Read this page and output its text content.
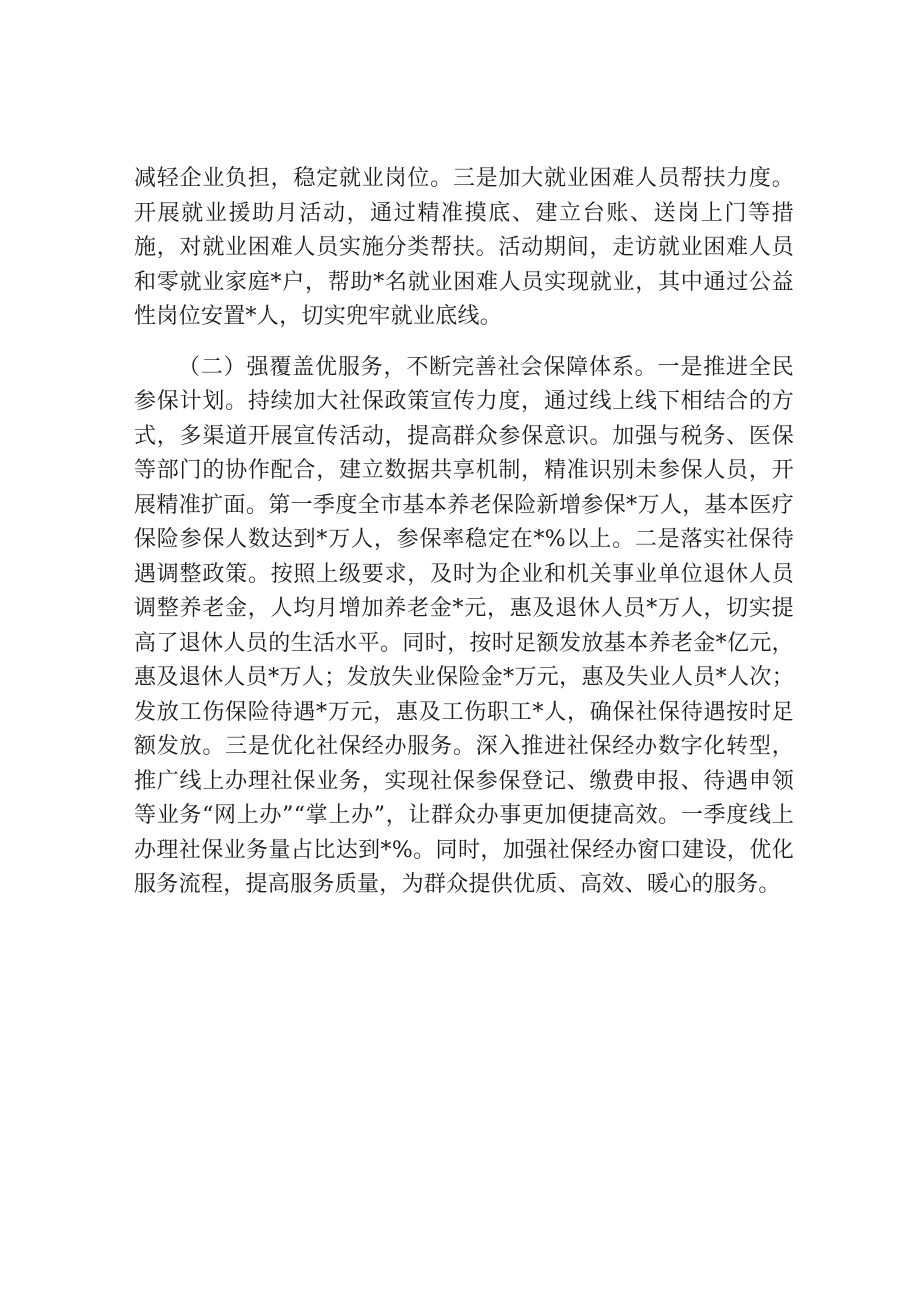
减轻企业负担，稳定就业岗位。三是加大就业困难人员帮扶力度。开展就业援助月活动，通过精准摸底、建立台账、送岗上门等措施，对就业困难人员实施分类帮扶。活动期间，走访就业困难人员和零就业家庭*户，帮助*名就业困难人员实现就业，其中通过公益性岗位安置*人，切实兜牢就业底线。

（二）强覆盖优服务，不断完善社会保障体系。一是推进全民参保计划。持续加大社保政策宣传力度，通过线上线下相结合的方式，多渠道开展宣传活动，提高群众参保意识。加强与税务、医保等部门的协作配合，建立数据共享机制，精准识别未参保人员，开展精准扩面。第一季度全市基本养老保险新增参保*万人，基本医疗保险参保人数达到*万人，参保率稳定在*%以上。二是落实社保待遇调整政策。按照上级要求，及时为企业和机关事业单位退休人员调整养老金，人均月增加养老金*元，惠及退休人员*万人，切实提高了退休人员的生活水平。同时，按时足额发放基本养老金*亿元，惠及退休人员*万人；发放失业保险金*万元，惠及失业人员*人次；发放工伤保险待遇*万元，惠及工伤职工*人，确保社保待遇按时足额发放。三是优化社保经办服务。深入推进社保经办数字化转型，推广线上办理社保业务，实现社保参保登记、缴费申报、待遇申领等业务“网上办”“掌上办”，让群众办事更加便捷高效。一季度线上办理社保业务量占比达到*%。同时，加强社保经办窗口建设，优化服务流程，提高服务质量，为群众提供优质、高效、暖心的服务。
